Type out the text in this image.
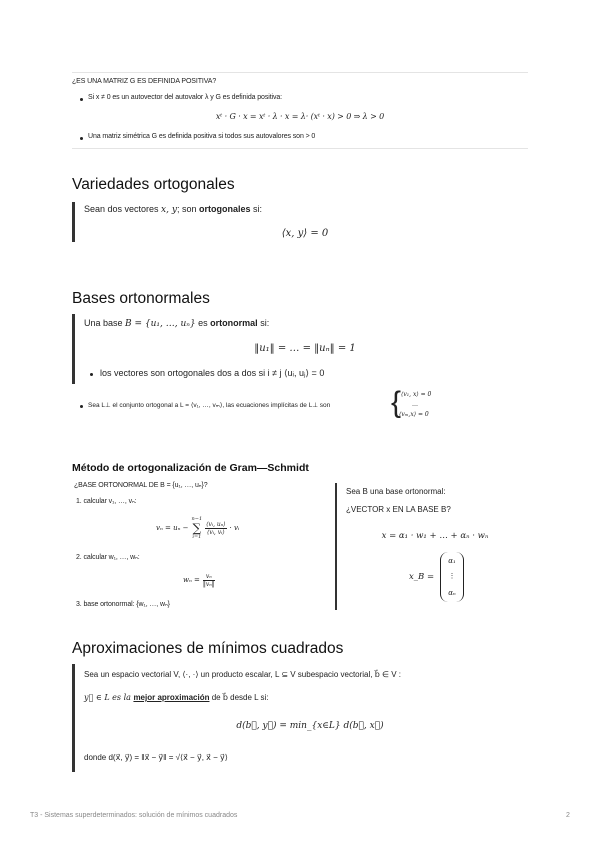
¿ES UNA MATRIZ G ES DEFINIDA POSITIVA?
Si x ≠ 0 es un autovector del autovalor λ y G es definida positiva:
xᵗ · G · x = xᵗ · λ · x = λ· (xᵗ · x) > 0 ⇒ λ > 0
Una matriz simétrica G es definida positiva si todos sus autovalores son > 0
Variedades ortogonales
Sean dos vectores x, y; son ortogonales si:
⟨x, y⟩ = 0
Bases ortonormales
Una base B = {u₁, …, uₙ} es ortonormal si:
‖u₁‖ = … = ‖uₙ‖ = 1
los vectores son ortogonales dos a dos si i ≠ j ⟨uᵢ, uⱼ⟩ = 0
Sea L⊥ el conjunto ortogonal a L = ⟨v₁, …, vₘ⟩, las ecuaciones implícitas de L⊥ son { ⟨v₁, x⟩ = 0
…
⟨vₘ,x⟩ = 0
Método de ortogonalización de Gram—Schmidt
¿BASE ORTONORMAL DE B = {u₁, …, uₙ}?
1. calcular v₁, …, vₙ:
vₙ = uₙ −
n−1
∑
i=1
$\frac{\text{⟨vᵢ, uₙ⟩}}{\text{⟨vᵢ, vᵢ⟩}}$ · vᵢ
2. calcular w₁, …, wₙ:
$w_n = \frac{\text{vₙ}}{\text{‖vₙ‖}}$
3. base ortonormal: {w₁, …, wₙ}
Sea B una base ortonormal:
¿VECTOR x EN LA BASE B?
x = α₁ · w₁ + … + αₙ · wₙ
x_B =
α₁
⋮
αₙ
Aproximaciones de mínimos cuadrados
Sea un espacio vectorial V, ⟨·, ·⟩ un producto escalar, L ⊆ V subespacio vectorial, b⃗ ∈ V :
y⃗ ∈ L es la mejor aproximación de b⃗ desde L si:
d(b⃗, y⃗) = min_{x∈L} d(b⃗, x⃗)
donde d(x⃗, y⃗) = ‖x⃗ − y⃗‖ = √⟨x⃗ − y⃗, x⃗ − y⃗⟩
T3 - Sistemas superdeterminados: solución de mínimos cuadrados	2
